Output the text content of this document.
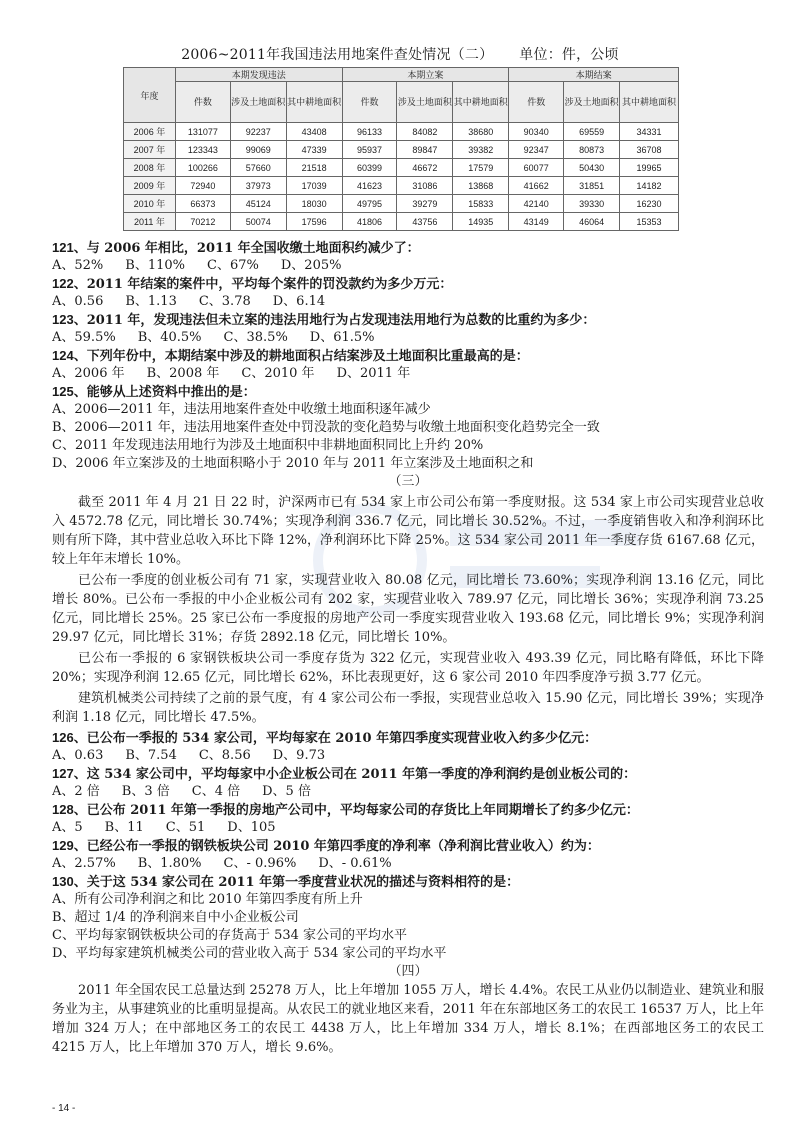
2006~2011年我国违法用地案件查处情况（二） 单位：件，公顷
年度	本期发现违法			本期立案			本期结案		
	件数	涉及土地面积	其中耕地面积	件数	涉及土地面积	其中耕地面积	件数	涉及土地面积	其中耕地面积
2006 年	131077	92237	43408	96133	84082	38680	90340	69559	34331
2007 年	123343	99069	47339	95937	89847	39382	92347	80873	36708
2008 年	100266	57660	21518	60399	46672	17579	60077	50430	19965
2009 年	72940	37973	17039	41623	31086	13868	41662	31851	14182
2010 年	66373	45124	18030	49795	39279	15833	42140	39330	16230
2011 年	70212	50074	17596	41806	43756	14935	43149	46064	15353
121、与 2006 年相比，2011 年全国收缴土地面积约减少了：
A、52% B、110% C、67% D、205%
122、2011 年结案的案件中，平均每个案件的罚没款约为多少万元：
A、0.56 B、1.13 C、3.78 D、6.14
123、2011 年，发现违法但未立案的违法用地行为占发现违法用地行为总数的比重约为多少：
A、59.5% B、40.5% C、38.5% D、61.5%
124、下列年份中，本期结案中涉及的耕地面积占结案涉及土地面积比重最高的是：
A、2006 年 B、2008 年 C、2010 年 D、2011 年
125、能够从上述资料中推出的是：
A、2006—2011 年，违法用地案件查处中收缴土地面积逐年减少
B、2006—2011 年，违法用地案件查处中罚没款的变化趋势与收缴土地面积变化趋势完全一致
C、2011 年发现违法用地行为涉及土地面积中非耕地面积同比上升约 20%
D、2006 年立案涉及的土地面积略小于 2010 年与 2011 年立案涉及土地面积之和
（三）

截至 2011 年 4 月 21 日 22 时，沪深两市已有 534 家上市公司公布第一季度财报。这 534 家上市公司实现营业总收入 4572.78 亿元，同比增长 30.74%；实现净利润 336.7 亿元，同比增长 30.52%。不过，一季度销售收入和净利润环比则有所下降，其中营业总收入环比下降 12%，净利润环比下降 25%。这 534 家公司 2011 年一季度存货 6167.68 亿元，较上年年末增长 10%。

已公布一季度的创业板公司有 71 家，实现营业收入 80.08 亿元，同比增长 73.60%；实现净利润 13.16 亿元，同比增长 80%。已公布一季报的中小企业板公司有 202 家，实现营业收入 789.97 亿元，同比增长 36%；实现净利润 73.25 亿元，同比增长 25%。25 家已公布一季度报的房地产公司一季度实现营业收入 193.68 亿元，同比增长 9%；实现净利润 29.97 亿元，同比增长 31%；存货 2892.18 亿元，同比增长 10%。

已公布一季报的 6 家钢铁板块公司一季度存货为 322 亿元，实现营业收入 493.39 亿元，同比略有降低，环比下降 20%；实现净利润 12.65 亿元，同比增长 62%，环比表现更好，这 6 家公司 2010 年四季度净亏损 3.77 亿元。

建筑机械类公司持续了之前的景气度，有 4 家公司公布一季报，实现营业总收入 15.90 亿元，同比增长 39%；实现净利润 1.18 亿元，同比增长 47.5%。

126、已公布一季报的 534 家公司，平均每家在 2010 年第四季度实现营业收入约多少亿元：
A、0.63 B、7.54 C、8.56 D、9.73
127、这 534 家公司中，平均每家中小企业板公司在 2011 年第一季度的净利润约是创业板公司的：
A、2 倍 B、3 倍 C、4 倍 D、5 倍
128、已公布 2011 年第一季报的房地产公司中，平均每家公司的存货比上年同期增长了约多少亿元：
A、5 B、11 C、51 D、105
129、已经公布一季报的钢铁板块公司 2010 年第四季度的净利率（净利润比营业收入）约为：
A、2.57% B、1.80% C、- 0.96% D、- 0.61%
130、关于这 534 家公司在 2011 年第一季度营业状况的描述与资料相符的是：
A、所有公司净利润之和比 2010 年第四季度有所上升
B、超过 1/4 的净利润来自中小企业板公司
C、平均每家钢铁板块公司的存货高于 534 家公司的平均水平
D、平均每家建筑机械类公司的营业收入高于 534 家公司的平均水平
（四）

2011 年全国农民工总量达到 25278 万人，比上年增加 1055 万人，增长 4.4%。农民工从业仍以制造业、建筑业和服务业为主，从事建筑业的比重明显提高。从农民工的就业地区来看，2011 年在东部地区务工的农民工 16537 万人，比上年增加 324 万人；在中部地区务工的农民工 4438 万人，比上年增加 334 万人，增长 8.1%；在西部地区务工的农民工 4215 万人，比上年增加 370 万人，增长 9.6%。

- 14 -
